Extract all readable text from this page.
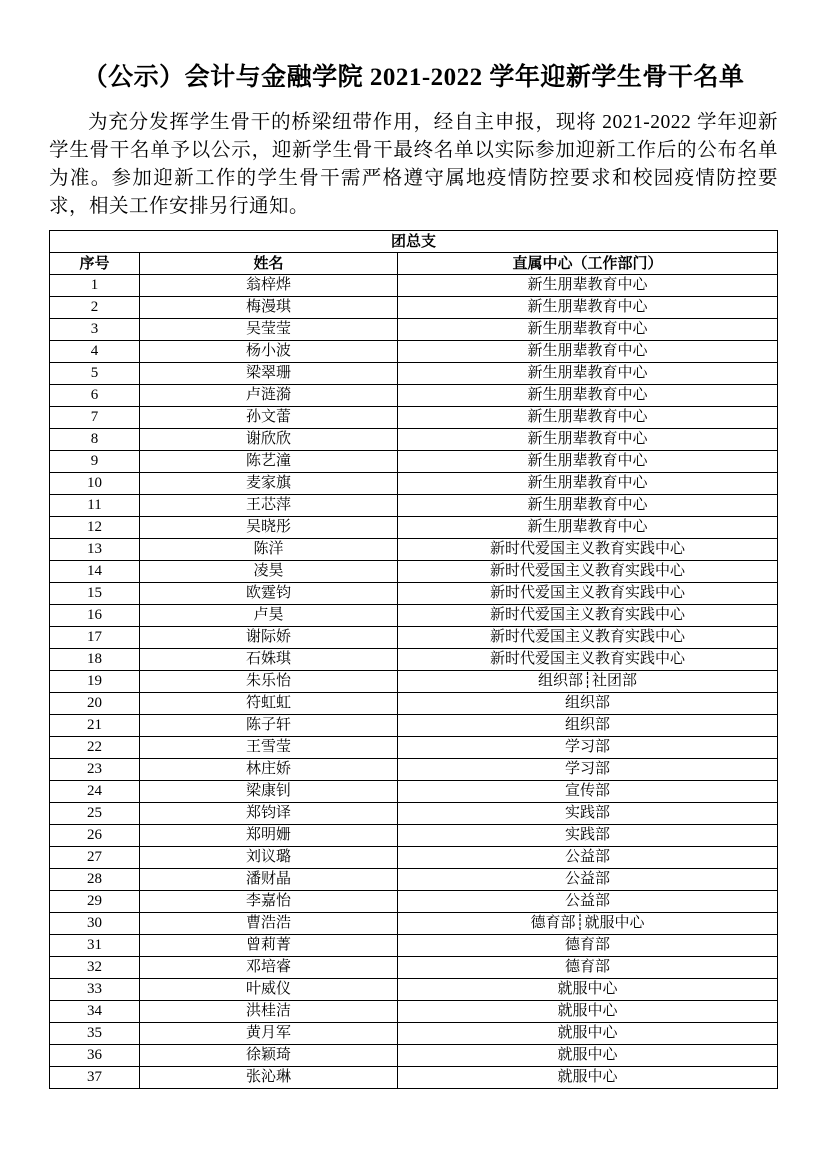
（公示）会计与金融学院 2021-2022 学年迎新学生骨干名单

为充分发挥学生骨干的桥梁纽带作用，经自主申报，现将 2021-2022 学年迎新学生骨干名单予以公示，迎新学生骨干最终名单以实际参加迎新工作后的公布名单为准。参加迎新工作的学生骨干需严格遵守属地疫情防控要求和校园疫情防控要求，相关工作安排另行通知。

团总支		
序号	姓名	直属中心（工作部门）
1	翁梓烨	新生朋辈教育中心
2	梅漫琪	新生朋辈教育中心
3	吴莹莹	新生朋辈教育中心
4	杨小波	新生朋辈教育中心
5	梁翠珊	新生朋辈教育中心
6	卢涟漪	新生朋辈教育中心
7	孙文蕾	新生朋辈教育中心
8	谢欣欣	新生朋辈教育中心
9	陈艺潼	新生朋辈教育中心
10	麦家旗	新生朋辈教育中心
11	王芯萍	新生朋辈教育中心
12	吴晓彤	新生朋辈教育中心
13	陈洋	新时代爱国主义教育实践中心
14	凌昊	新时代爱国主义教育实践中心
15	欧霆钧	新时代爱国主义教育实践中心
16	卢昊	新时代爱国主义教育实践中心
17	谢际娇	新时代爱国主义教育实践中心
18	石姝琪	新时代爱国主义教育实践中心
19	朱乐怡	组织部┊社团部
20	符虹虹	组织部
21	陈子轩	组织部
22	王雪莹	学习部
23	林庄娇	学习部
24	梁康钊	宣传部
25	郑钧译	实践部
26	郑明姗	实践部
27	刘议璐	公益部
28	潘财晶	公益部
29	李嘉怡	公益部
30	曹浩浩	德育部┊就服中心
31	曾莉菁	德育部
32	邓培睿	德育部
33	叶威仪	就服中心
34	洪桂洁	就服中心
35	黄月军	就服中心
36	徐颖琦	就服中心
37	张沁琳	就服中心
